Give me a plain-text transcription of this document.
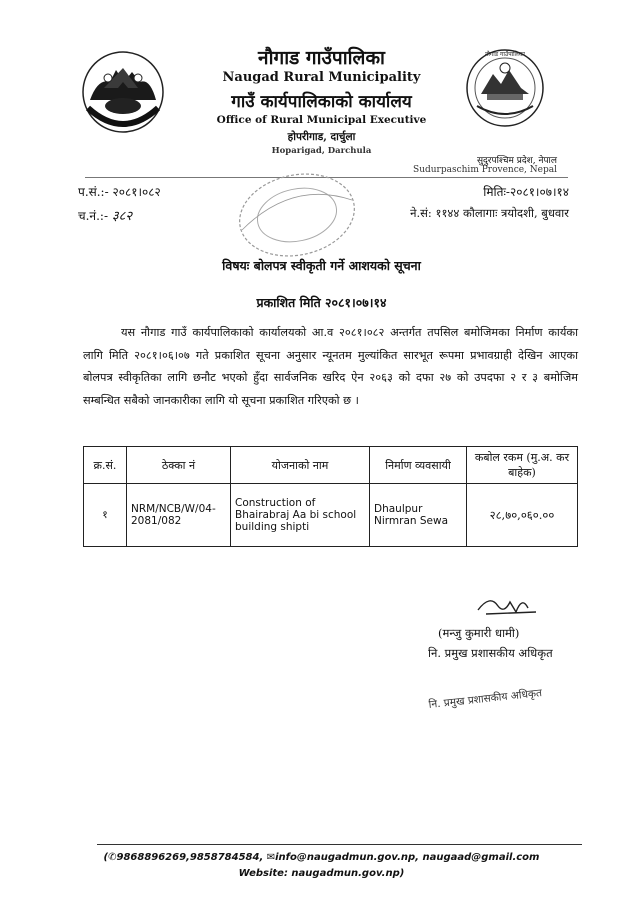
नौगाड गाउँपालिका
नौगाड गाउँपालिका
Naugad Rural Municipality
गाउँ कार्यपालिकाको कार्यालय
Office of Rural Municipal Executive
होपरीगाड, दार्चुला
Hoparigad, Darchula
सुदुरपश्चिम प्रदेश, नेपाल
Sudurpaschim Provence, Nepal
प.सं.:- २०८१।०८२
च.नं.:- ३८२
मितिः-२०८१।०७।१४
ने.सं: ११४४ कौलागाः त्रयोदशी, बुधवार
विषयः बोलपत्र स्वीकृती गर्ने आशयको सूचना
प्रकाशित मिति २०८१।०७।१४
यस नौगाड गाउँ कार्यपालिकाको कार्यालयको आ.व २०८१।०८२ अन्तर्गत तपसिल बमोजिमका निर्माण कार्यका लागि मिति २०८१।०६।०७ गते प्रकाशित सूचना अनुसार न्यूनतम मुल्यांकित सारभूत रूपमा प्रभावग्राही देखिन आएका बोलपत्र स्वीकृतिका लागि छनौट भएको हुँदा सार्वजनिक खरिद ऐन २०६३ को दफा २७ को उपदफा २ र ३ बमोजिम सम्बन्धित सबैको जानकारीका लागि यो सूचना प्रकाशित गरिएको छ ।
क्र.सं.	ठेक्का नं	योजनाको नाम	निर्माण व्यवसायी	कबोल रकम (मु.अ. कर बाहेक)
१	NRM/NCB/W/04-2081/082	Construction of Bhairabraj Aa bi school building shipti	Dhaulpur Nirmran Sewa	२८,७०,०६०.००
(मन्जु कुमारी धामी)
नि. प्रमुख प्रशासकीय अधिकृत
नि. प्रमुख प्रशासकीय अधिकृत
(✆9868896269,9858784584, ✉info@naugadmun.gov.np, naugaad@gmail.com
Website: naugadmun.gov.np)
